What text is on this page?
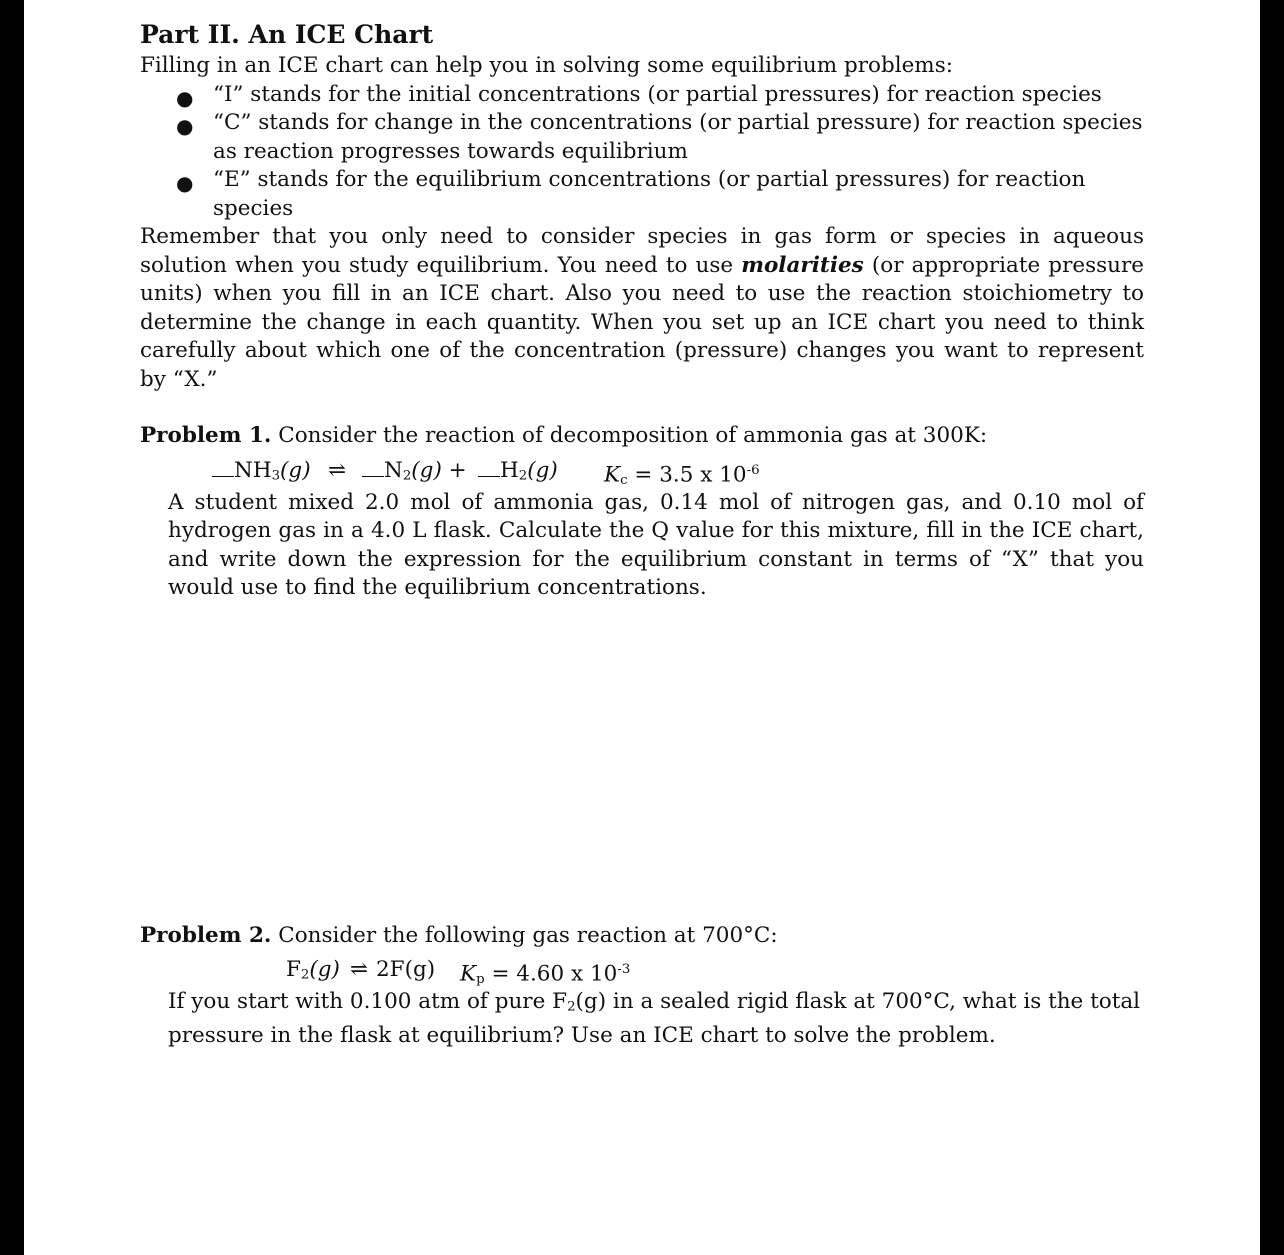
Part II. An ICE Chart
Filling in an ICE chart can help you in solving some equilibrium problems:
● “I” stands for the initial concentrations (or partial pressures) for reaction species
● “C” stands for change in the concentrations (or partial pressure) for reaction species as reaction progresses towards equilibrium
● “E” stands for the equilibrium concentrations (or partial pressures) for reaction species
Remember that you only need to consider species in gas form or species in aqueous solution when you study equilibrium. You need to use molarities (or appropriate pressure units) when you fill in an ICE chart. Also you need to use the reaction stoichiometry to determine the change in each quantity. When you set up an ICE chart you need to think carefully about which one of the concentration (pressure) changes you want to represent by “X.”
Problem 1. Consider the reaction of decomposition of ammonia gas at 300K:
$NH_3(g)$ ⇌	$N_2(g)$ +	$H_2(g) K_c = 3.5$ x $10^{-6}$
A student mixed 2.0 mol of ammonia gas, 0.14 mol of nitrogen gas, and 0.10 mol of hydrogen gas in a 4.0 L flask. Calculate the Q value for this mixture, fill in the ICE chart, and write down the expression for the equilibrium constant in terms of “X” that you would use to find the equilibrium concentrations.
Problem 2. Consider the following gas reaction at 700°C:
$F_2(g)$ ⇌ 2F(g) $K_p = 4.60$ x $10^{-3}$
If you start with 0.100 atm of pure $F_2(g)$ in a sealed rigid flask at 700°C, what is the total pressure in the flask at equilibrium? Use an ICE chart to solve the problem.
